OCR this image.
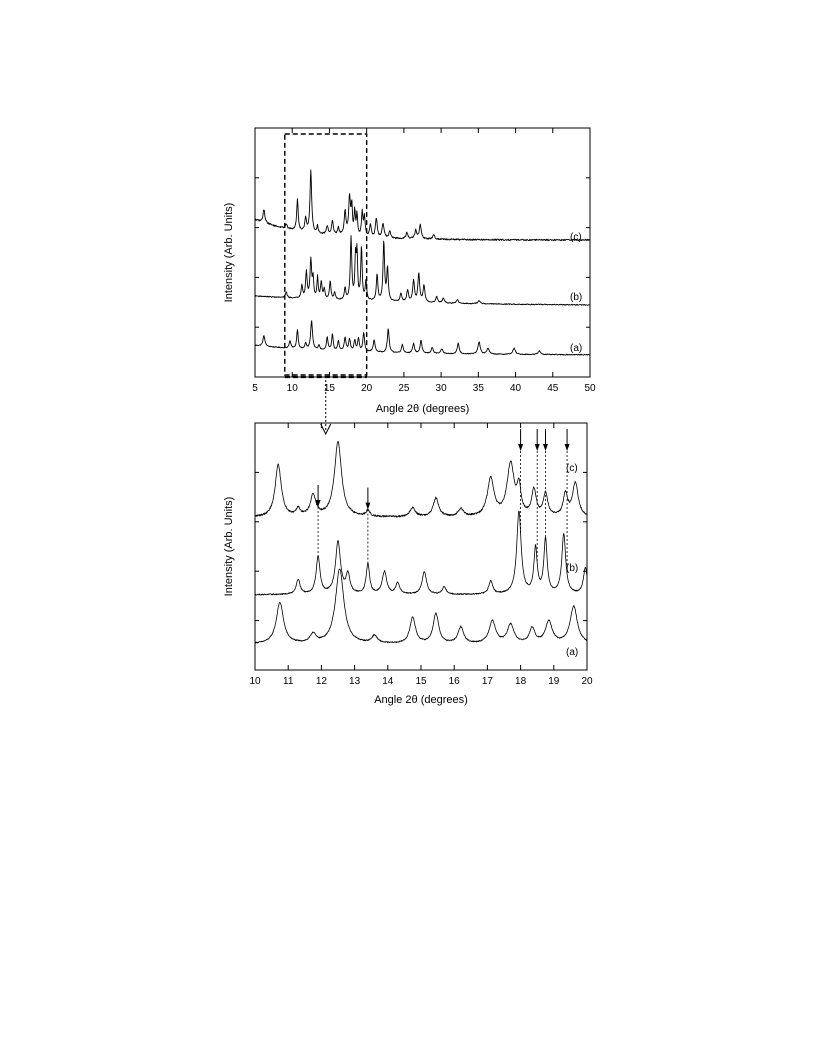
5	10	15	20	25	30	35	40	45	50
Angle 2θ (degrees)
Intensity (Arb. Units)
(a)
(b)
(c)
10 11 12 13 14 15 16 17 18 19 20
Angle 2θ (degrees)
Intensity (Arb. Units)
(a)
(b)
(c)
